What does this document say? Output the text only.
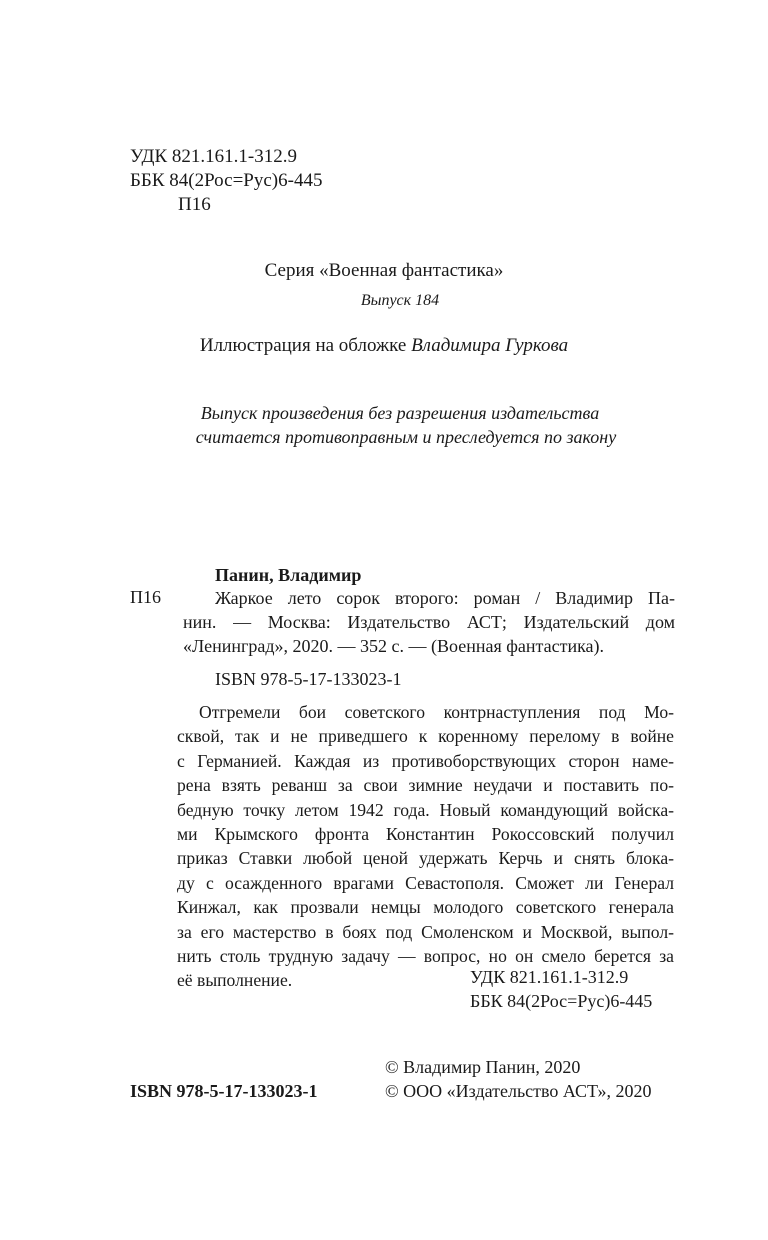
УДК 821.161.1-312.9
ББК 84(2Рос=Рус)6-445
П16
Серия «Военная фантастика»
Выпуск 184
Иллюстрация на обложке Владимира Гуркова
Выпуск произведения без разрешения издательства
считается противоправным и преследуется по закону
Панин, Владимир
П16	Жаркое лето сорок второго: роман / Владимир Па-
нин. — Москва: Издательство АСТ; Издательский дом
«Ленинград», 2020. — 352 с. — (Военная фантастика).
ISBN 978-5-17-133023-1
Отгремели бои советского контрнаступления под Мо-
сквой, так и не приведшего к коренному перелому в войне
с Германией. Каждая из противоборствующих сторон наме-
рена взять реванш за свои зимние неудачи и поставить по-
бедную точку летом 1942 года. Новый командующий войска-
ми Крымского фронта Константин Рокоссовский получил
приказ Ставки любой ценой удержать Керчь и снять блока-
ду с осажденного врагами Севастополя. Сможет ли Генерал
Кинжал, как прозвали немцы молодого советского генерала
за его мастерство в боях под Смоленском и Москвой, выпол-
нить столь трудную задачу — вопрос, но он смело берется за
её выполнение.	УДК 821.161.1-312.9
ББК 84(2Рос=Рус)6-445
© Владимир Панин, 2020
ISBN 978-5-17-133023-1	© ООО «Издательство АСТ», 2020
